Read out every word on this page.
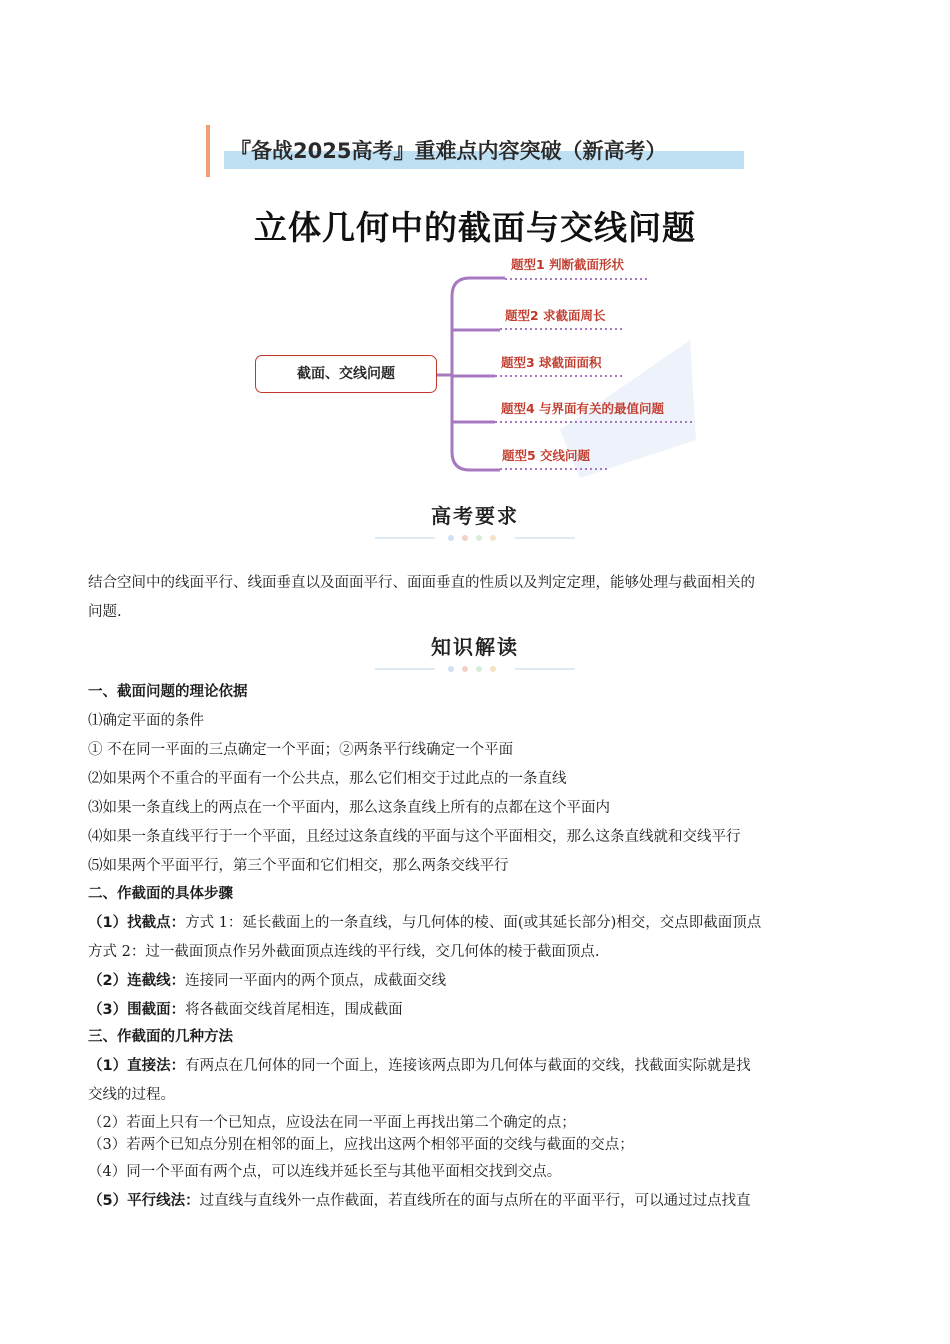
『备战2025高考』重难点内容突破（新高考）
立体几何中的截面与交线问题
截面、交线问题
题型1 判断截面形状
题型2 求截面周长
题型3 球截面面积
题型4 与界面有关的最值问题
题型5 交线问题
高考要求
结合空间中的线面平行、线面垂直以及面面平行、面面垂直的性质以及判定定理，能够处理与截面相关的
问题.
知识解读
一、截面问题的理论依据
⑴确定平面的条件
① 不在同一平面的三点确定一个平面；②两条平行线确定一个平面
⑵如果两个不重合的平面有一个公共点，那么它们相交于过此点的一条直线
⑶如果一条直线上的两点在一个平面内，那么这条直线上所有的点都在这个平面内
⑷如果一条直线平行于一个平面，且经过这条直线的平面与这个平面相交，那么这条直线就和交线平行
⑸如果两个平面平行，第三个平面和它们相交，那么两条交线平行
二、作截面的具体步骤
（1）找截点：方式 1：延长截面上的一条直线，与几何体的棱、面(或其延长部分)相交，交点即截面顶点
方式 2：过一截面顶点作另外截面顶点连线的平行线，交几何体的棱于截面顶点.
（2）连截线：连接同一平面内的两个顶点，成截面交线
（3）围截面：将各截面交线首尾相连，围成截面
三、作截面的几种方法
（1）直接法：有两点在几何体的同一个面上，连接该两点即为几何体与截面的交线，找截面实际就是找
交线的过程。
（2）若面上只有一个已知点，应设法在同一平面上再找出第二个确定的点；
（3）若两个已知点分别在相邻的面上，应找出这两个相邻平面的交线与截面的交点；
（4）同一个平面有两个点，可以连线并延长至与其他平面相交找到交点。
（5）平行线法：过直线与直线外一点作截面，若直线所在的面与点所在的平面平行，可以通过过点找直
